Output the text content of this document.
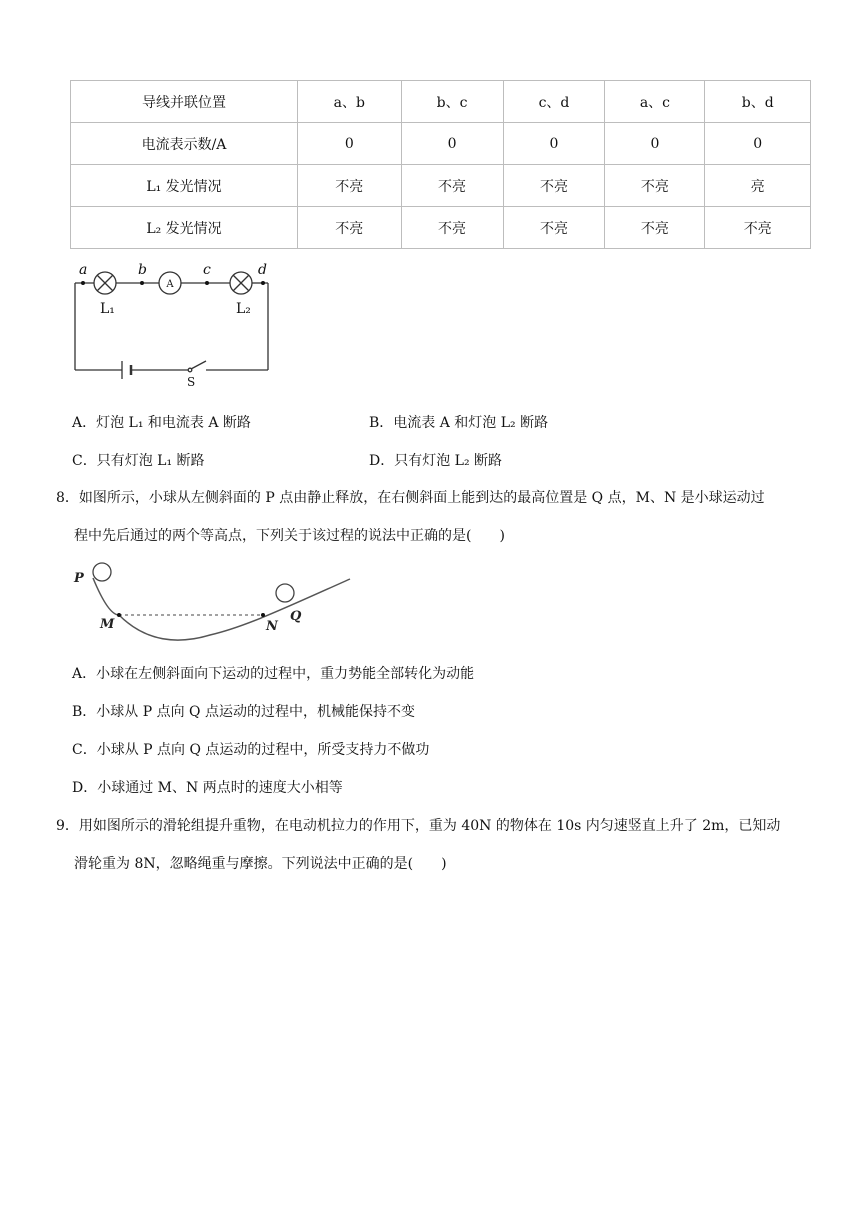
导线并联位置	a、b	b、c	c、d	a、c	b、d
电流表示数/A	0	0	0	0	0
L₁ 发光情况	不亮	不亮	不亮	不亮	亮
L₂ 发光情况	不亮	不亮	不亮	不亮	不亮
A
a	b	c	d
L₁	L₂
S
A．灯泡 L₁ 和电流表 A 断路	B．电流表 A 和灯泡 L₂ 断路
C．只有灯泡 L₁ 断路	D．只有灯泡 L₂ 断路
8．如图所示，小球从左侧斜面的 P 点由静止释放，在右侧斜面上能到达的最高位置是 Q 点，M、N 是小球运动过
程中先后通过的两个等高点，下列关于该过程的说法中正确的是(　　)
P
M	N
Q
A．小球在左侧斜面向下运动的过程中，重力势能全部转化为动能
B．小球从 P 点向 Q 点运动的过程中，机械能保持不变
C．小球从 P 点向 Q 点运动的过程中，所受支持力不做功
D．小球通过 M、N 两点时的速度大小相等
9．用如图所示的滑轮组提升重物，在电动机拉力的作用下，重为 40N 的物体在 10s 内匀速竖直上升了 2m，已知动
滑轮重为 8N，忽略绳重与摩擦。下列说法中正确的是(　　)
